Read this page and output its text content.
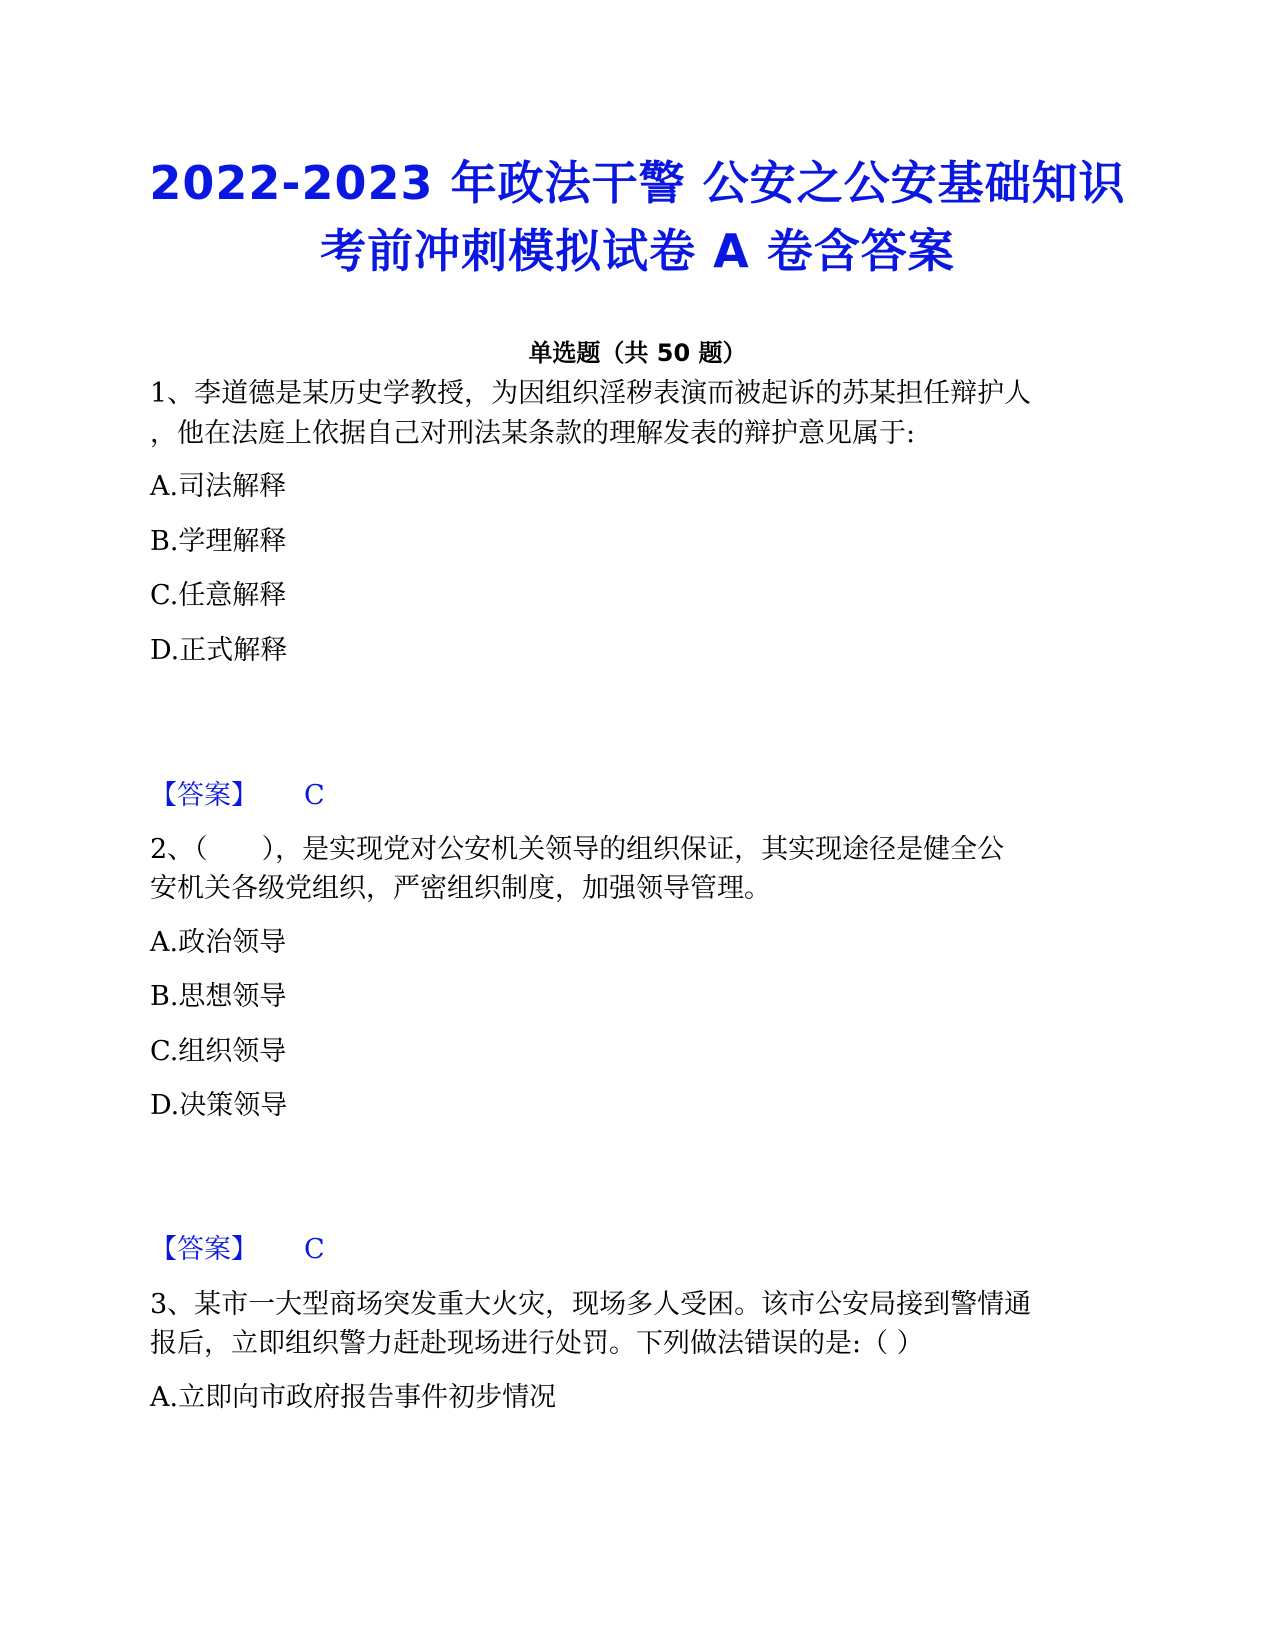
2022-2023 年政法干警 公安之公安基础知识
考前冲刺模拟试卷 A 卷含答案
单选题（共 50 题）
1、李道德是某历史学教授，为因组织淫秽表演而被起诉的苏某担任辩护人
，他在法庭上依据自己对刑法某条款的理解发表的辩护意见属于:
A.司法解释
B.学理解释
C.任意解释
D.正式解释
【答案】 C
2、（　　），是实现党对公安机关领导的组织保证，其实现途径是健全公
安机关各级党组织，严密组织制度，加强领导管理。
A.政治领导
B.思想领导
C.组织领导
D.决策领导
【答案】 C
3、某市一大型商场突发重大火灾，现场多人受困。该市公安局接到警情通
报后，立即组织警力赶赴现场进行处罚。下列做法错误的是:（ ）
A.立即向市政府报告事件初步情况
